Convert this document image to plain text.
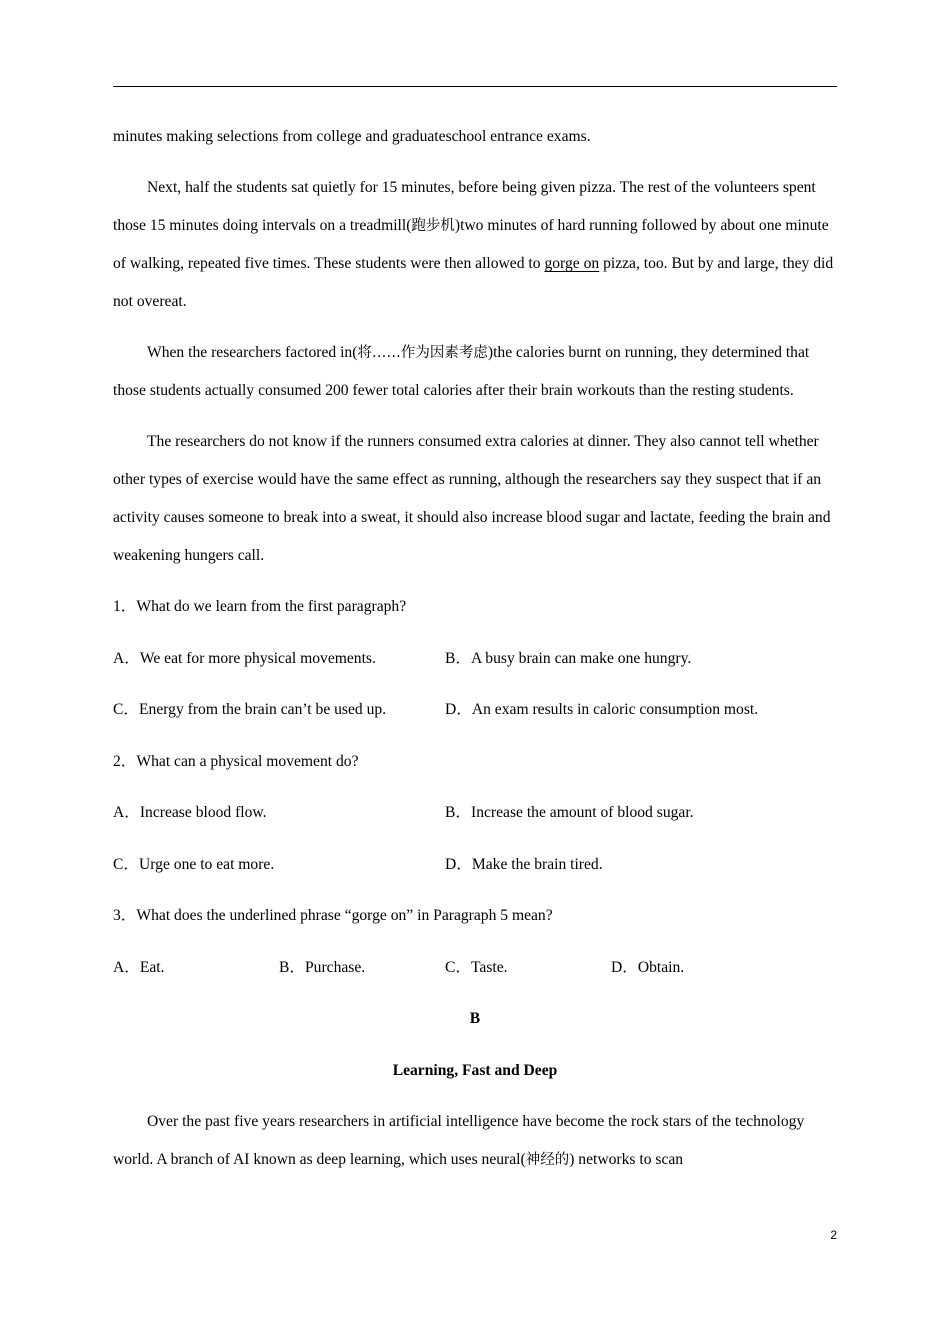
minutes making selections from college and graduateschool entrance exams.

Next, half the students sat quietly for 15 minutes, before being given pizza. The rest of the volunteers spent those 15 minutes doing intervals on a treadmill(跑步机)two minutes of hard running followed by about one minute of walking, repeated five times. These students were then allowed to gorge on pizza, too. But by and large, they did not overeat.

When the researchers factored in(将……作为因素考虑)the calories burnt on running, they determined that those students actually consumed 200 fewer total calories after their brain workouts than the resting students.

The researchers do not know if the runners consumed extra calories at dinner. They also cannot tell whether other types of exercise would have the same effect as running, although the researchers say they suspect that if an activity causes someone to break into a sweat, it should also increase blood sugar and lactate, feeding the brain and weakening hungers call.

1．What do we learn from the first paragraph?

A．We eat for more physical movements.	B．A busy brain can make one hungry.
C．Energy from the brain can’t be used up.	D．An exam results in caloric consumption most.

2．What can a physical movement do?

A．Increase blood flow.	B．Increase the amount of blood sugar.
C．Urge one to eat more.	D．Make the brain tired.

3．What does the underlined phrase “gorge on” in Paragraph 5 mean?

A．Eat.	B．Purchase.	C．Taste.	D．Obtain.

B

Learning, Fast and Deep

Over the past five years researchers in artificial intelligence have become the rock stars of the technology world. A branch of AI known as deep learning, which uses neural(神经的) networks to scan

2
